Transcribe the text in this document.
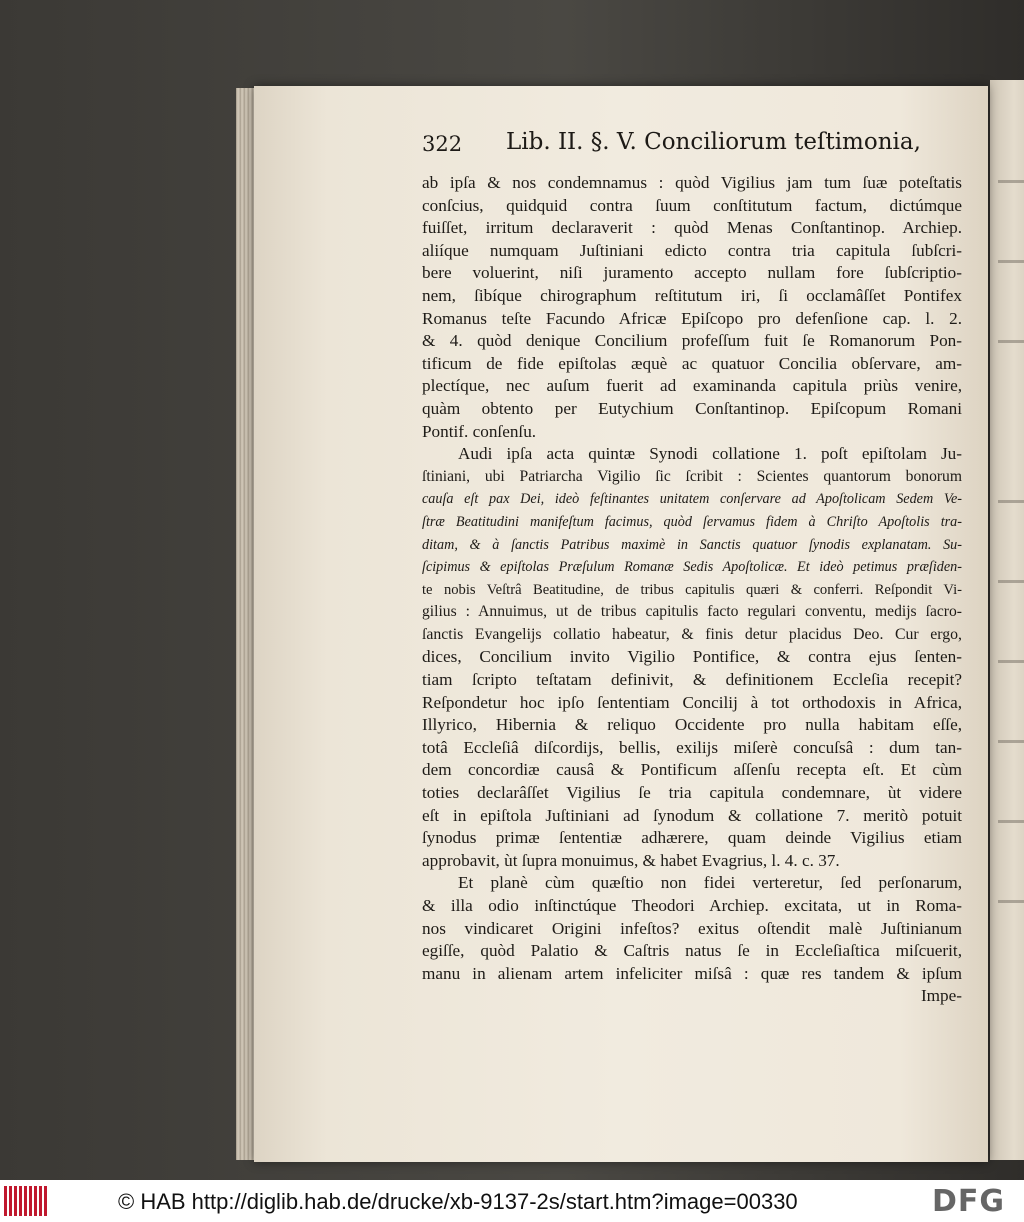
322 Lib. II. §. V. Conciliorum teſtimonia,
ab ipſa & nos condemnamus : quòd Vigilius jam tum ſuæ poteſtatis
conſcius, quidquid contra ſuum conſtitutum factum, dictúmque
fuiſſet, irritum declaraverit : quòd Menas Conſtantinop. Archiep.
aliíque numquam Juſtiniani edicto contra tria capitula ſubſcri-
bere voluerint, niſi juramento accepto nullam fore ſubſcriptio-
nem, ſibíque chirographum reſtitutum iri, ſi occlamâſſet Pontifex
Romanus teſte Facundo Africæ Epiſcopo pro defenſione cap. l. 2.
& 4. quòd denique Concilium profeſſum fuit ſe Romanorum Pon-
tificum de fide epiſtolas æquè ac quatuor Concilia obſervare, am-
plectíque, nec auſum fuerit ad examinanda capitula priùs venire,
quàm obtento per Eutychium Conſtantinop. Epiſcopum Romani
Pontif. conſenſu.
Audi ipſa acta quintæ Synodi collatione 1. poſt epiſtolam Ju-
ſtiniani, ubi Patriarcha Vigilio ſic ſcribit : Scientes quantorum bonorum
cauſa eſt pax Dei, ideò feſtinantes unitatem conſervare ad Apoſtolicam Sedem Ve-
ſtræ Beatitudini manifeſtum facimus, quòd ſervamus fidem à Chriſto Apoſtolis tra-
ditam, & à ſanctis Patribus maximè in Sanctis quatuor ſynodis explanatam. Su-
ſcipimus & epiſtolas Præſulum Romanæ Sedis Apoſtolicæ. Et ideò petimus præſiden-
te nobis Veſtrâ Beatitudine, de tribus capitulis quæri & conferri. Reſpondit Vi-
gilius : Annuimus, ut de tribus capitulis facto regulari conventu, medijs ſacro-
ſanctis Evangelijs collatio habeatur, & finis detur placidus Deo. Cur ergo,
dices, Concilium invito Vigilio Pontifice, & contra ejus ſenten-
tiam ſcripto teſtatam definivit, & definitionem Eccleſia recepit?
Reſpondetur hoc ipſo ſententiam Concilij à tot orthodoxis in Africa,
Illyrico, Hibernia & reliquo Occidente pro nulla habitam eſſe,
totâ Eccleſiâ diſcordijs, bellis, exilijs miſerè concuſsâ : dum tan-
dem concordiæ causâ & Pontificum aſſenſu recepta eſt. Et cùm
toties declarâſſet Vigilius ſe tria capitula condemnare, ùt videre
eſt in epiſtola Juſtiniani ad ſynodum & collatione 7. meritò potuit
ſynodus primæ ſententiæ adhærere, quam deinde Vigilius etiam
approbavit, ùt ſupra monuimus, & habet Evagrius, l. 4. c. 37.
Et planè cùm quæſtio non fidei verteretur, ſed perſonarum,
& illa odio inſtinctúque Theodori Archiep. excitata, ut in Roma-
nos vindicaret Origini infeſtos? exitus oſtendit malè Juſtinianum
egiſſe, quòd Palatio & Caſtris natus ſe in Eccleſiaſtica miſcuerit,
manu in alienam artem infeliciter miſsâ : quæ res tandem & ipſum
Impe-
© HAB http://diglib.hab.de/drucke/xb-9137-2s/start.htm?image=00330	DFG
